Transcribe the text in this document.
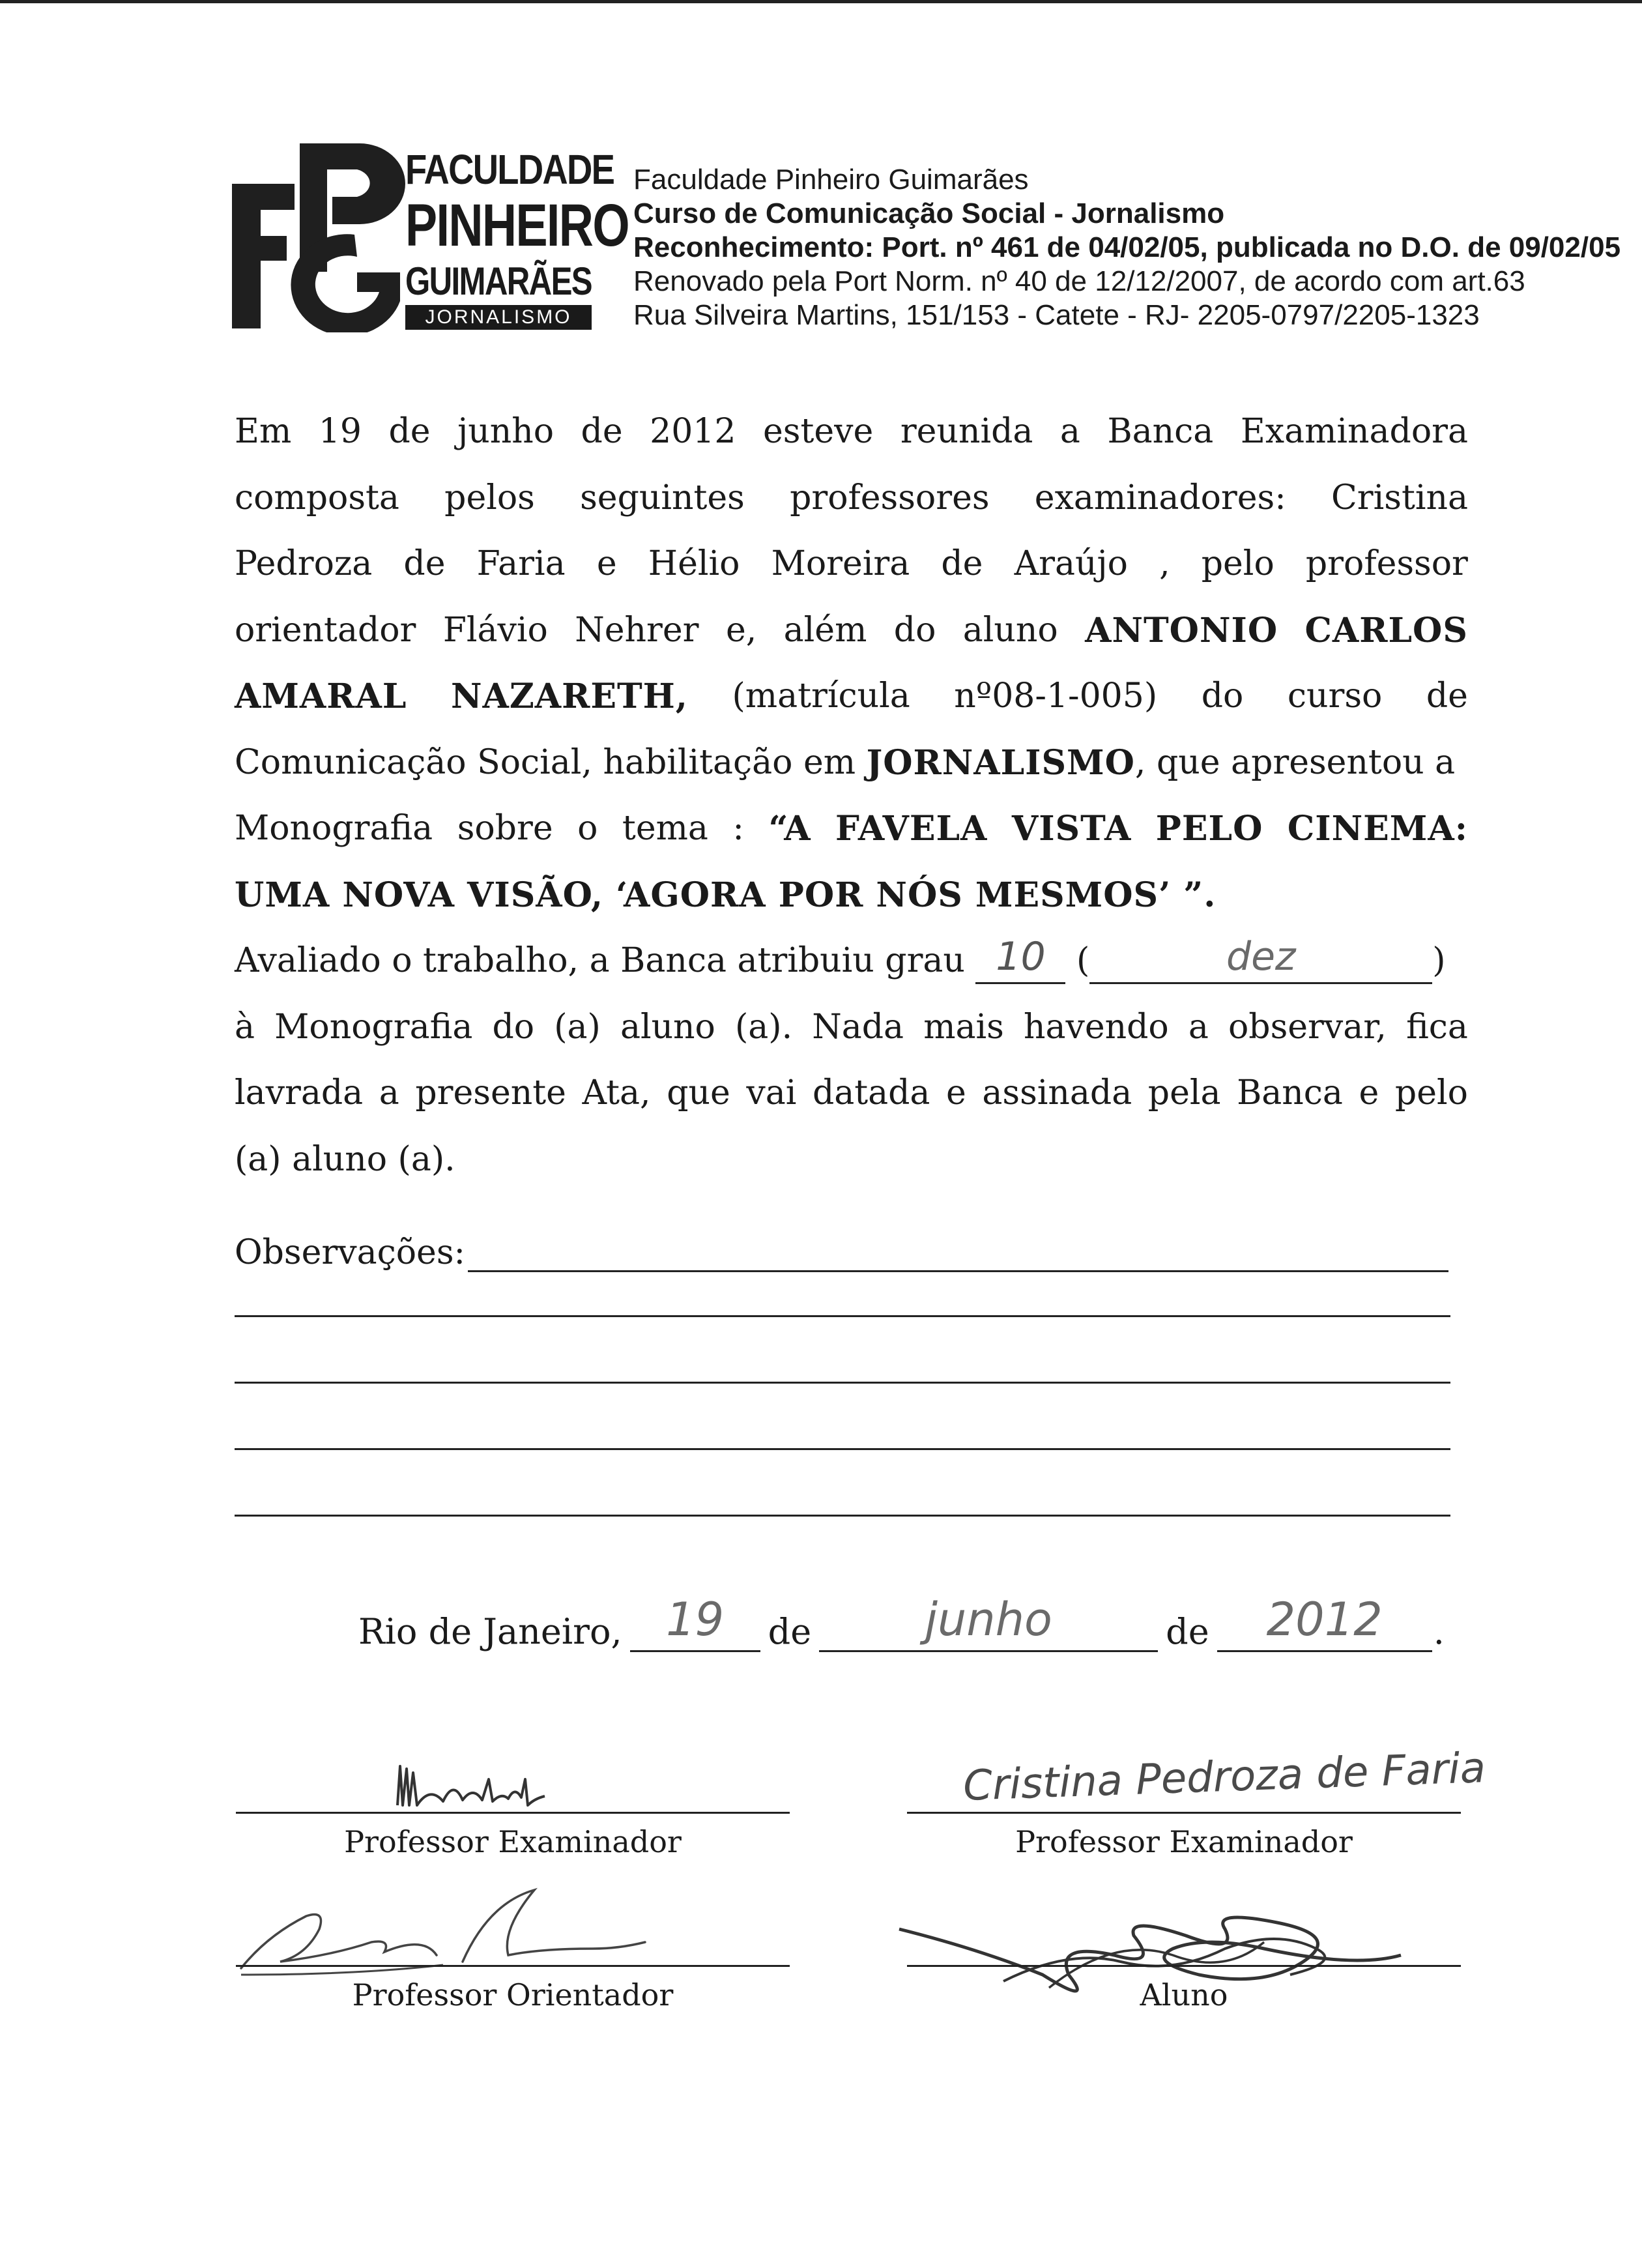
FACULDADE
PINHEIRO
GUIMARÃES
JORNALISMO
Faculdade Pinheiro Guimarães
Curso de Comunicação Social - Jornalismo
Reconhecimento: Port. nº 461 de 04/02/05, publicada no D.O. de 09/02/05
Renovado pela Port Norm. nº 40 de 12/12/2007, de acordo com art.63
Rua Silveira Martins, 151/153 - Catete - RJ- 2205-0797/2205-1323
Em 19 de junho de 2012 esteve reunida a Banca Examinadora
composta pelos seguintes professores examinadores: Cristina
Pedroza de Faria e Hélio Moreira de Araújo , pelo professor
orientador Flávio Nehrer e, além do aluno ANTONIO CARLOS
AMARAL NAZARETH, (matrícula nº08-1-005) do curso de
Comunicação Social, habilitação em JORNALISMO , que apresentou a
Monografia sobre o tema : “A FAVELA VISTA PELO CINEMA:
UMA NOVA VISÃO, ‘AGORA POR NÓS MESMOS’ ”.
Avaliado o trabalho, a Banca atribuiu grau 10 (	dez	)
à Monografia do (a) aluno (a). Nada mais havendo a observar, fica
lavrada a presente Ata, que vai datada e assinada pela Banca e pelo
(a) aluno (a).
Observações:
Rio de Janeiro, 19	de	junho	de	2012	.
Professor Examinador
Cristina Pedroza de Faria
Professor Examinador
Professor Orientador	Aluno
